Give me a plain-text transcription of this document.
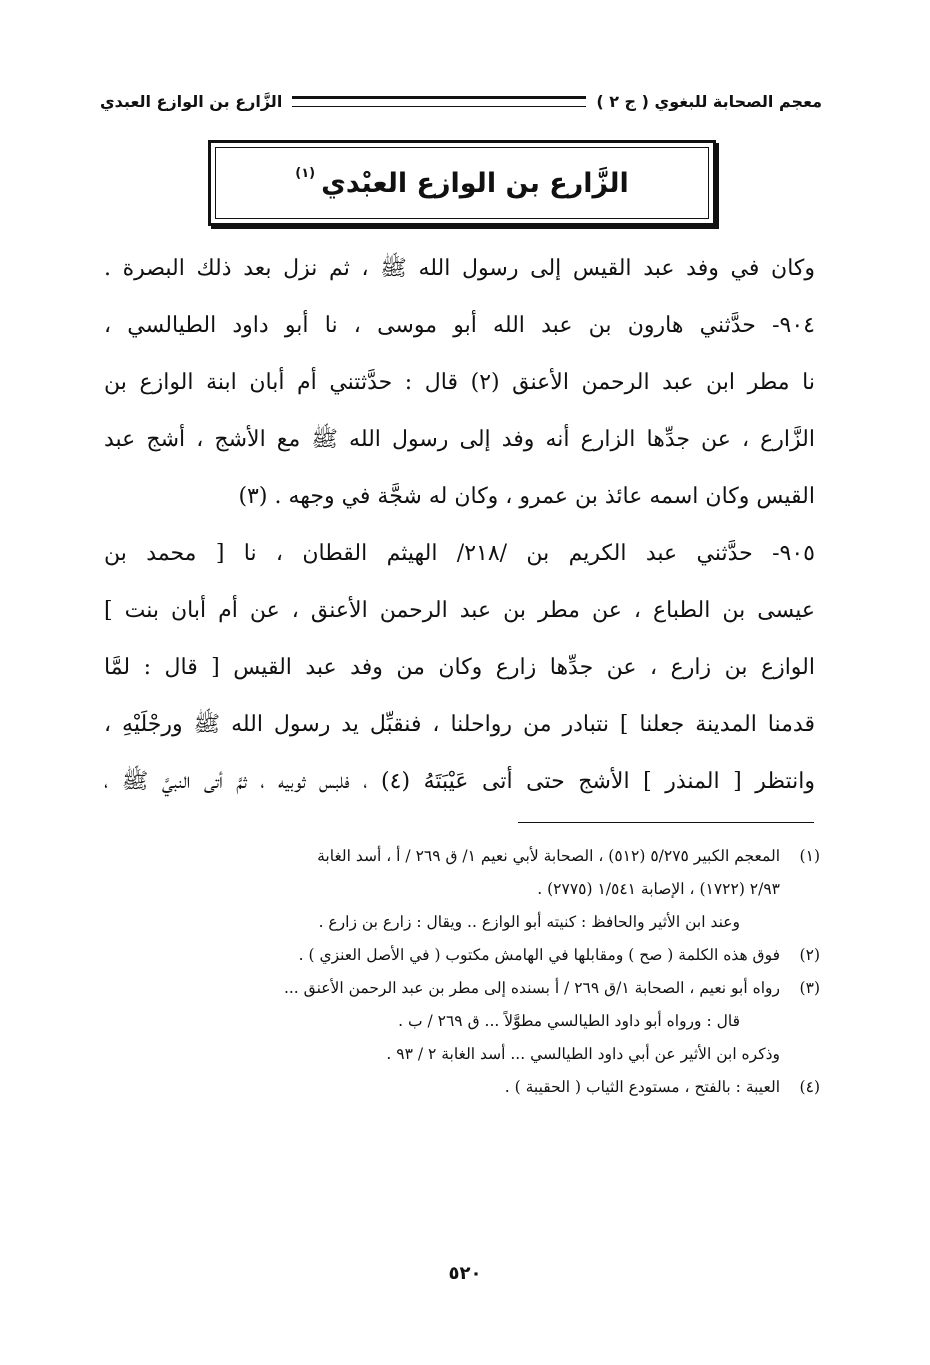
معجم الصحابة للبغوي ( ج ٢ )
الزَّارع بن الوازع العبدي
الزَّارع بن الوازع العبْدي
$^{(١)}$
وكان في وفد عبد القيس إلى رسول الله ﷺ ، ثم نزل بعد ذلك البصرة .
٩٠٤- حدَّثني هارون بن عبد الله أبو موسى ، نا أبو داود الطيالسي ،
نا مطر ابن عبد الرحمن الأعنق (٢) قال : حدَّثتني أم أبان ابنة الوازع بن
الزَّارع ، عن جدِّها الزارع أنه وفد إلى رسول الله ﷺ مع الأشج ، أشج عبد
القيس وكان اسمه عائذ بن عمرو ، وكان له شجَّة في وجهه . (٣)
٩٠٥- حدَّثني عبد الكريم بن /٢١٨/ الهيثم القطان ، نا [ محمد بن
عيسى بن الطباع ، عن مطر بن عبد الرحمن الأعنق ، عن أم أبان بنت ]
الوازع بن زارع ، عن جدِّها زارع وكان من وفد عبد القيس [ قال : لمَّا
قدمنا المدينة جعلنا ] نتبادر من رواحلنا ، فنقبِّل يد رسول الله ﷺ ورجْلَيْهِ ،
وانتظر [ المنذر ] الأشج حتى أتى عَيْبَتَهُ (٤) ، فلبس ثوبيه ، ثمَّ أتى النبيَّ ﷺ ،
(١)
المعجم الكبير ٥/٢٧٥ (٥١٢) ، الصحابة لأبي نعيم ١/ ق ٢٦٩ / أ ، أسد الغابة
٢/٩٣ (١٧٢٢) ، الإصابة ١/٥٤١ (٢٧٧٥) .
وعند ابن الأثير والحافظ : كنيته أبو الوازع .. ويقال : زارع بن زارع .
(٢)
فوق هذه الكلمة ( صح ) ومقابلها في الهامش مكتوب ( في الأصل العنزي ) .
(٣)
رواه أبو نعيم ، الصحابة ١/ق ٢٦٩ / أ بسنده إلى مطر بن عبد الرحمن الأعنق ...
قال : ورواه أبو داود الطيالسي مطوَّلاً ... ق ٢٦٩ / ب .
وذكره ابن الأثير عن أبي داود الطيالسي ... أسد الغابة ٢ / ٩٣ .
(٤)
العيبة : بالفتح ، مستودع الثياب ( الحقيبة ) .
٥٢٠
